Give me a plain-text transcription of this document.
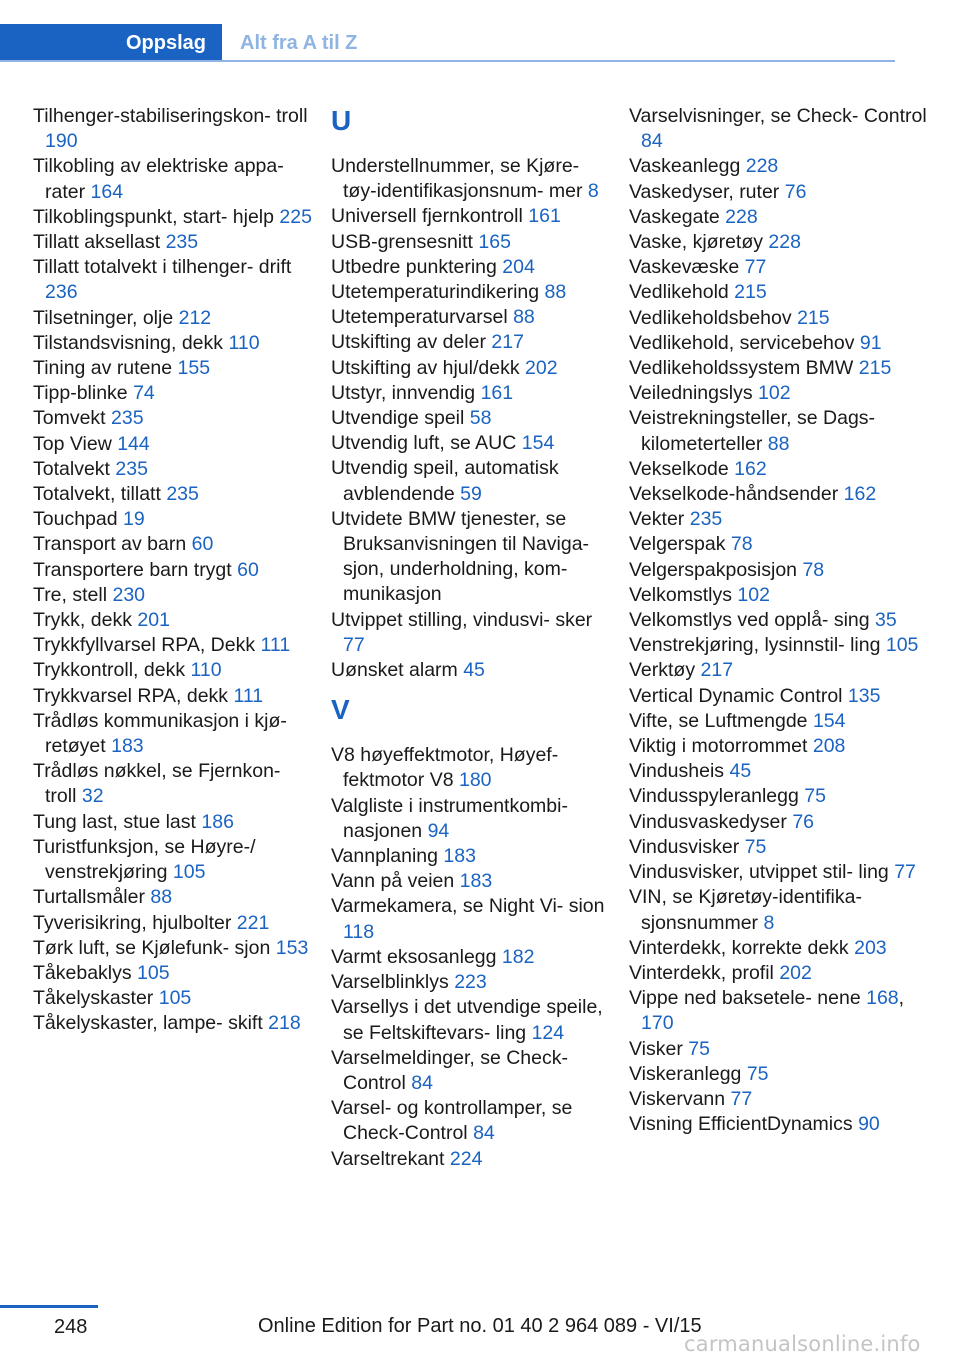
Oppslag	Alt fra A til Z
Tilhenger-stabiliseringskon‐ troll 190
Tilkobling av elektriske appa‐ rater 164
Tilkoblingspunkt, start‐ hjelp 225
Tillatt aksellast 235
Tillatt totalvekt i tilhenger‐ drift 236
Tilsetninger, olje 212
Tilstandsvisning, dekk 110
Tining av rutene 155
Tipp-blinke 74
Tomvekt 235
Top View 144
Totalvekt 235
Totalvekt, tillatt 235
Touchpad 19
Transport av barn 60
Transportere barn trygt 60
Tre, stell 230
Trykk, dekk 201
Trykkfyllvarsel RPA, Dekk 111
Trykkontroll, dekk 110
Trykkvarsel RPA, dekk 111
Trådløs kommunikasjon i kjø‐ retøyet 183
Trådløs nøkkel, se Fjernkon‐ troll 32
Tung last, stue last 186
Turistfunksjon, se Høyre-/ venstrekjøring 105
Turtallsmåler 88
Tyverisikring, hjulbolter 221
Tørk luft, se Kjølefunk‐ sjon 153
Tåkebaklys 105
Tåkelyskaster 105
Tåkelyskaster, lampe‐ skift 218
U
Understellnummer, se Kjøre‐ tøy-identifikasjonsnum‐ mer 8
Universell fjernkontroll 161
USB-grensesnitt 165
Utbedre punktering 204
Utetemperaturindikering 88
Utetemperaturvarsel 88
Utskifting av deler 217
Utskifting av hjul/dekk 202
Utstyr, innvendig 161
Utvendige speil 58
Utvendig luft, se AUC 154
Utvendig speil, automatisk avblendende 59
Utvidete BMW tjenester, se Bruksanvisningen til Naviga‐ sjon, underholdning, kom‐ munikasjon
Utvippet stilling, vindusvi‐ sker 77
Uønsket alarm 45
V
V8 høyeffektmotor, Høyef‐ fektmotor V8 180
Valgliste i instrumentkombi‐ nasjonen 94
Vannplaning 183
Vann på veien 183
Varmekamera, se Night Vi‐ sion 118
Varmt eksosanlegg 182
Varselblinklys 223
Varsellys i det utvendige speile, se Feltskiftevars‐ ling 124
Varselmeldinger, se Check- Control 84
Varsel- og kontrollamper, se Check-Control 84
Varseltrekant 224
Varselvisninger, se Check- Control 84
Vaskeanlegg 228
Vaskedyser, ruter 76
Vaskegate 228
Vaske, kjøretøy 228
Vaskevæske 77
Vedlikehold 215
Vedlikeholdsbehov 215
Vedlikehold, servicebehov 91
Vedlikeholdssystem BMW 215
Veiledningslys 102
Veistrekningsteller, se Dags‐ kilometerteller 88
Vekselkode 162
Vekselkode-håndsender 162
Vekter 235
Velgerspak 78
Velgerspakposisjon 78
Velkomstlys 102
Velkomstlys ved opplå‐ sing 35
Venstrekjøring, lysinnstil‐ ling 105
Verktøy 217
Vertical Dynamic Control 135
Vifte, se Luftmengde 154
Viktig i motorrommet 208
Vindusheis 45
Vindusspyleranlegg 75
Vindusvaskedyser 76
Vindusvisker 75
Vindusvisker, utvippet stil‐ ling 77
VIN, se Kjøretøy-identifika‐ sjonsnummer 8
Vinterdekk, korrekte dekk 203
Vinterdekk, profil 202
Vippe ned baksetele‐ nene 168, 170
Visker 75
Viskeranlegg 75
Viskervann 77
Visning EfficientDynamics 90
248	Online Edition for Part no. 01 40 2 964 089 - VI/15
carmanualsonline.info
